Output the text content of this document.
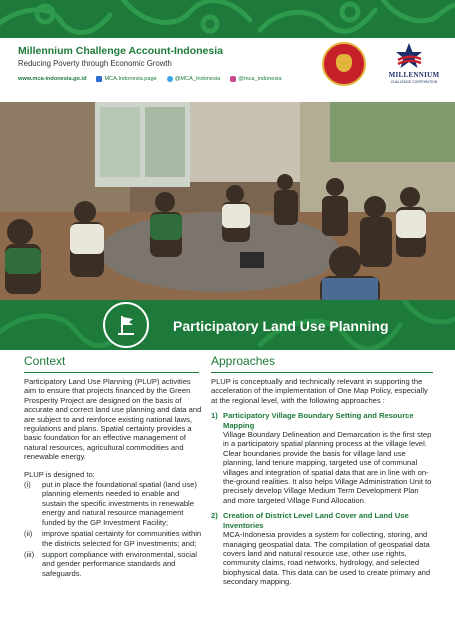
Millennium Challenge Account-Indonesia
Reducing Poverty through Economic Growth
www.mca-indonesia.go.id	MCA.Indonesia.page	@MCA_Indonesia	@mca_indonesia	MILLENNIUM
CHALLENGE CORPORATION
Participatory Land Use Planning
Context

Participatory Land Use Planning (PLUP) activities aim to ensure that projects financed by the Green Prosperity Project are designed on the basis of accurate and correct land use planning and data and are subject to and reinforce existing national laws, regulations and plans. Spatial certainty provides a basic foundation for an effective management of natural resources, agricultural commodities and renewable energy.

PLUP is designed to:

(i)	put in place the foundational spatial (land use) planning elements needed to enable and sustain the specific investments in renewable energy and natural resource management funded by the GP Investment Facility;
(ii)	improve spatial certainty for communities within the districts selected for GP investments; and;
(iii)	support compliance with environmental, social and gender performance standards and safeguards.
Approaches

PLUP is conceptually and technically relevant in supporting the acceleration of the implementation of One Map Policy, especially at the regional level, with the following approaches :

1) Participatory Village Boundary Setting and Resource Mapping
Village Boundary Delineation and Demarcation is the first step in a participatory spatial planning process at the village level. Clear boundaries provide the basis for village land use planning, land tenure mapping, targeted use of communal villages and integration of spatial data that are in line with on-the-ground realities. It also helps Village Administration Unit to precisely develop Village Medium Term Development Plan and more targeted Village Fund Allocation.
2) Creation of District Level Land Cover and Land Use Inventories
MCA-Indonesia provides a system for collecting, storing, and managing geospatial data. The compilation of geospatial data covers land and natural resource use, other use rights, community claims, road networks, hydrology, and selected biophysical data. This data can be used to create primary and secondary mapping.
